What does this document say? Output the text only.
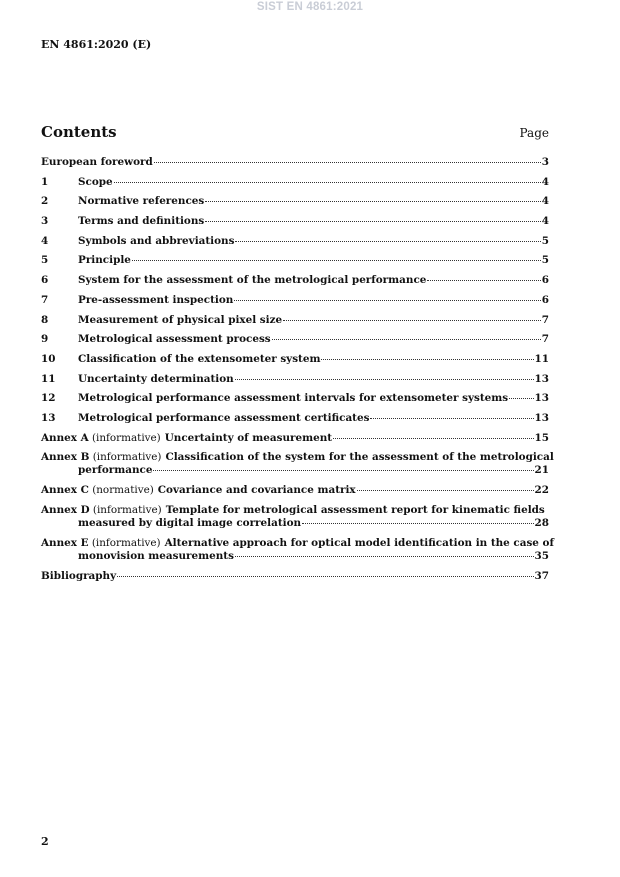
SIST EN 4861:2021
EN 4861:2020 (E)
Contents	Page
European foreword	3
1	Scope	4
2	Normative references	4
3	Terms and definitions	4
4	Symbols and abbreviations	5
5	Principle	5
6	System for the assessment of the metrological performance	6
7	Pre-assessment inspection	6
8	Measurement of physical pixel size	7
9	Metrological assessment process	7
10	Classification of the extensometer system	11
11	Uncertainty determination	13
12	Metrological performance assessment intervals for extensometer systems	13
13	Metrological performance assessment certificates	13
Annex A (informative) Uncertainty of measurement	15
Annex B (informative) Classification of the system for the assessment of the metrological
performance	21
Annex C (normative) Covariance and covariance matrix	22
Annex D (informative) Template for metrological assessment report for kinematic fields
measured by digital image correlation	28
Annex E (informative) Alternative approach for optical model identification in the case of
monovision measurements	35
Bibliography	37
2
